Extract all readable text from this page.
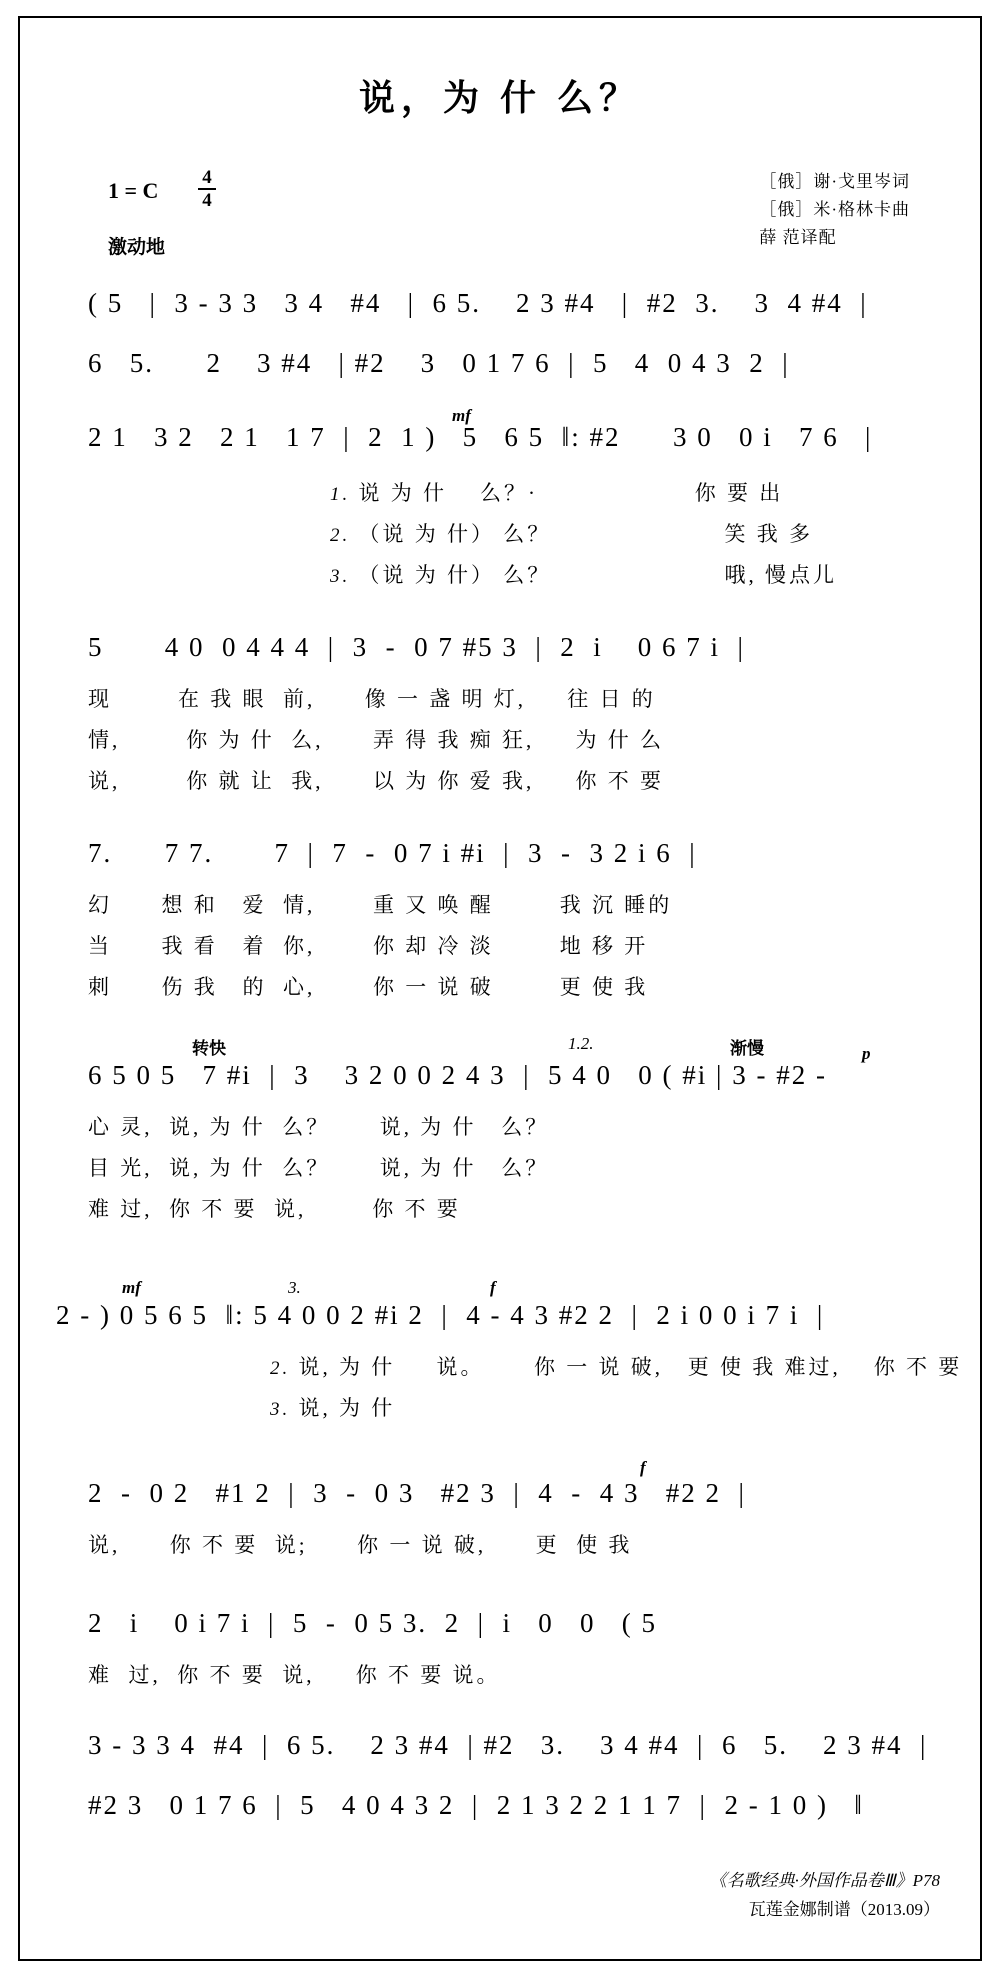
说，为 什 么？
1 = C
4
4
激动地
［俄］谢·戈里岑词
［俄］米·格林卡曲
薛 范译配
( 5   |  3 - 3 3   3 4   #4   |  6 5.    2 3 #4   |  #2  3.    3  4 #4  |
6   5.      2    3 #4   | #2    3   0 1 7 6  |  5   4  0 4 3  2  |
2 1   3 2   2 1   1 7  |  2  1 )   5   6 5  ‖: #2      3 0   0 i   7 6   |
mf
1. 说 为 什    么？·                   你 要 出
2. （说 为 什） 么？                     笑 我 多
3. （说 为 什） 么？                     哦, 慢点儿
5       4 0  0 4 4 4  |  3  -  0 7 #5 3  |  2  i    0 6 7 i  |
现        在 我 眼  前,      像 一 盏 明 灯,     往 日 的
情,        你 为 什  么,      弄 得 我 痴 狂,     为 什 么
说,        你 就 让  我,      以 为 你 爱 我,     你 不 要
7.      7 7.       7  |  7  -  0 7 i #i  |  3  -  3 2 i 6  |
幻      想 和   爱  情,       重 又 唤 醒        我 沉 睡的
当      我 看   着  你,       你 却 冷 淡        地 移 开
刺      伤 我   的  心,       你 一 说 破        更 使 我
转快	1.2.	渐慢	p
6 5 0 5   7 #i  |  3    3 2 0 0 2 4 3  |  5 4 0   0 ( #i | 3 - #2 -
心 灵,  说, 为 什  么？      说, 为 什   么？
目 光,  说, 为 什  么？      说, 为 什   么？
难 过,  你 不 要  说,        你 不 要
mf	3.	f
2 - ) 0 5 6 5  ‖: 5 4 0 0 2 #i 2  |  4 - 4 3 #2 2  |  2 i 0 0 i 7 i  |
2. 说, 为 什     说。      你 一 说 破,   更 使 我 难过,    你 不 要
3. 说, 为 什
f
2  -  0 2   #1 2  |  3  -  0 3   #2 3  |  4  -  4 3   #2 2  |
说,      你 不 要  说;      你 一 说 破,      更  使 我
2   i    0 i 7 i  |  5  -  0 5 3.  2  |  i   0   0   ( 5
难  过,  你 不 要  说,     你 不 要 说。
3 - 3 3 4  #4  |  6 5.    2 3 #4  | #2   3.    3 4 #4  |  6   5.    2 3 #4  |
#2 3   0 1 7 6  |  5   4 0 4 3 2  |  2 1 3 2 2 1 1 7  |  2 - 1 0 )   ‖
《名歌经典·外国作品卷Ⅲ》P78
瓦莲金娜制谱（2013.09）
